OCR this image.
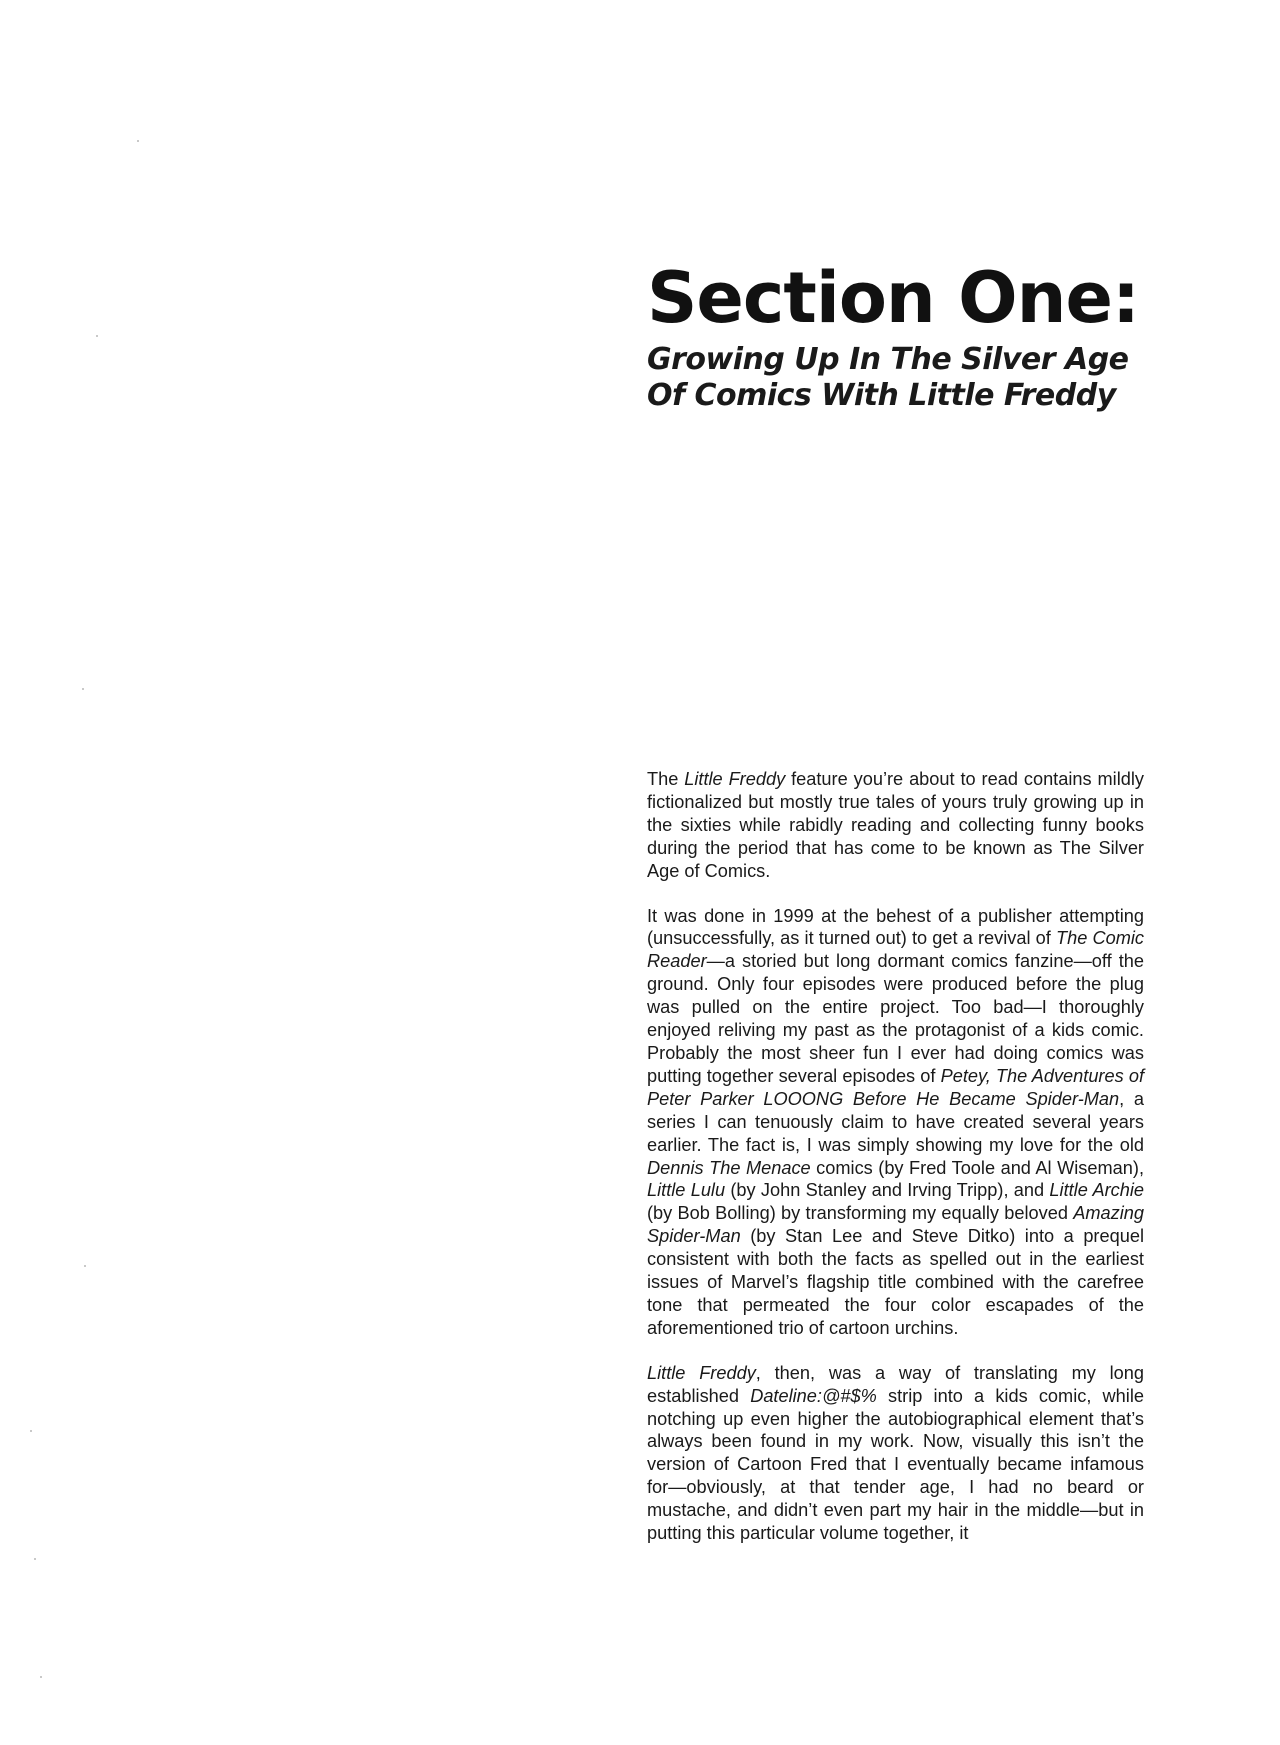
Section One:
Growing Up In The Silver Age
Of Comics With Little Freddy

The Little Freddy feature you’re about to read contains mildly fictionalized but mostly true tales of yours truly growing up in the sixties while rabidly reading and collecting funny books during the period that has come to be known as The Silver Age of Comics.

It was done in 1999 at the behest of a publisher attempting (unsuccessfully, as it turned out) to get a revival of The Comic Reader—a storied but long dormant comics fanzine—off the ground. Only four episodes were produced before the plug was pulled on the entire project. Too bad—I thoroughly enjoyed reliving my past as the protagonist of a kids comic. Probably the most sheer fun I ever had doing comics was putting together several episodes of Petey, The Adventures of Peter Parker LOOONG Before He Became Spider-Man, a series I can tenuously claim to have created several years earlier. The fact is, I was simply showing my love for the old Dennis The Menace comics (by Fred Toole and Al Wiseman), Little Lulu (by John Stanley and Irving Tripp), and Little Archie (by Bob Bolling) by transforming my equally beloved Amazing Spider-Man (by Stan Lee and Steve Ditko) into a prequel consistent with both the facts as spelled out in the earliest issues of Marvel’s flagship title combined with the carefree tone that permeated the four color escapades of the aforementioned trio of cartoon urchins.

Little Freddy, then, was a way of translating my long established Dateline:@#$% strip into a kids comic, while notching up even higher the autobiographical element that’s always been found in my work. Now, visually this isn’t the version of Cartoon Fred that I eventually became infamous for—obviously, at that tender age, I had no beard or mustache, and didn’t even part my hair in the middle—but in putting this particular volume together, it
